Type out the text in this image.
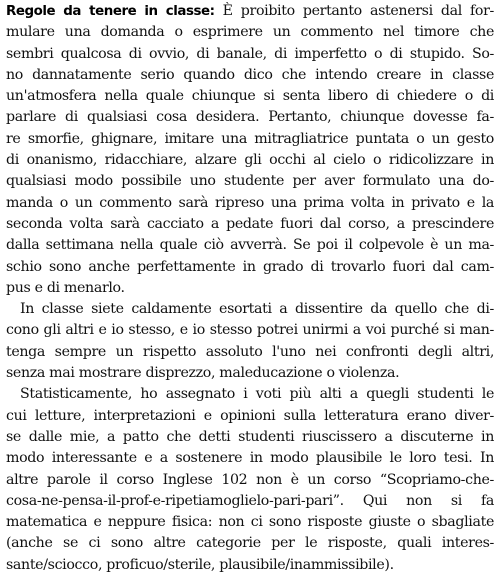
Regole da tenere in classe: È proibito pertanto astenersi dal for-
mulare una domanda o esprimere un commento nel timore che
sembri qualcosa di ovvio, di banale, di imperfetto o di stupido. So-
no dannatamente serio quando dico che intendo creare in classe
un'atmosfera nella quale chiunque si senta libero di chiedere o di
parlare di qualsiasi cosa desidera. Pertanto, chiunque dovesse fa-
re smorfie, ghignare, imitare una mitragliatrice puntata o un gesto
di onanismo, ridacchiare, alzare gli occhi al cielo o ridicolizzare in
qualsiasi modo possibile uno studente per aver formulato una do-
manda o un commento sarà ripreso una prima volta in privato e la
seconda volta sarà cacciato a pedate fuori dal corso, a prescindere
dalla settimana nella quale ciò avverrà. Se poi il colpevole è un ma-
schio sono anche perfettamente in grado di trovarlo fuori dal cam-
pus e di menarlo.
In classe siete caldamente esortati a dissentire da quello che di-
cono gli altri e io stesso, e io stesso potrei unirmi a voi purché si man-
tenga sempre un rispetto assoluto l'uno nei confronti degli altri,
senza mai mostrare disprezzo, maleducazione o violenza.
Statisticamente, ho assegnato i voti più alti a quegli studenti le
cui letture, interpretazioni e opinioni sulla letteratura erano diver-
se dalle mie, a patto che detti studenti riuscissero a discuterne in
modo interessante e a sostenere in modo plausibile le loro tesi. In
altre parole il corso Inglese 102 non è un corso “Scopriamo-che-
cosa-ne-pensa-il-prof-e-ripetiamoglielo-pari-pari”. Qui non si fa
matematica e neppure fisica: non ci sono risposte giuste o sbagliate
(anche se ci sono altre categorie per le risposte, quali interes-
sante/sciocco, proficuo/sterile, plausibile/inammissibile).
